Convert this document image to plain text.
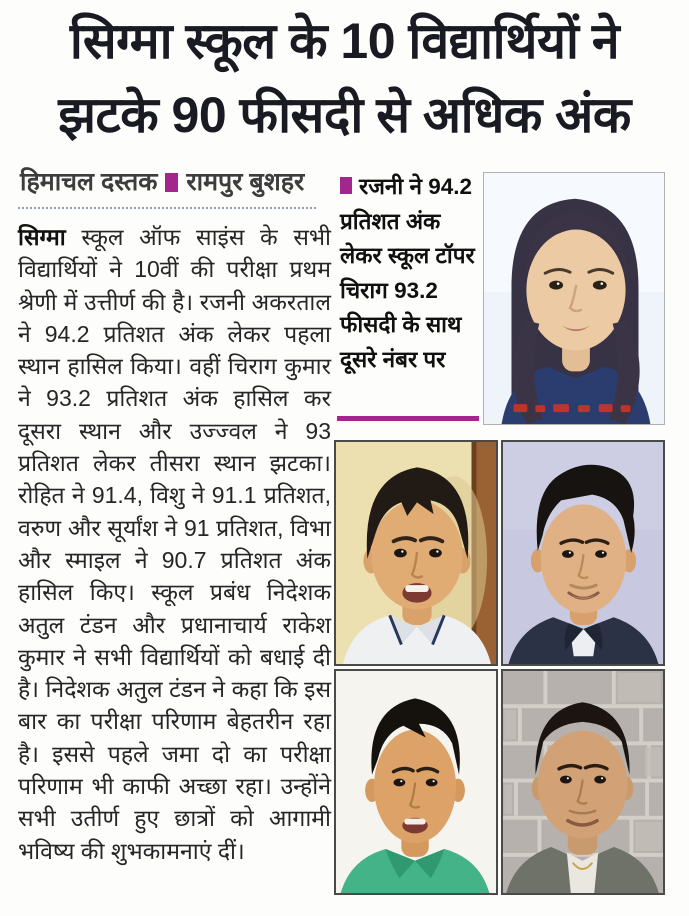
सिग्मा स्कूल के 10 विद्यार्थियों ने
झटके 90 फीसदी से अधिक अंक
हिमाचल दस्तक रामपुर बुशहर
सिग्मा स्कूल ऑफ साइंस के सभी विद्यार्थियों ने 10वीं की परीक्षा प्रथम श्रेणी में उत्तीर्ण की है। रजनी अकरताल ने 94.2 प्रतिशत अंक लेकर पहला स्थान हासिल किया। वहीं चिराग कुमार ने 93.2 प्रतिशत अंक हासिल कर दूसरा स्थान और उज्ज्वल ने 93 प्रतिशत लेकर तीसरा स्थान झटका। रोहित ने 91.4, विशु ने 91.1 प्रतिशत, वरुण और सूर्यांश ने 91 प्रतिशत, विभा और स्माइल ने 90.7 प्रतिशत अंक हासिल किए। स्कूल प्रबंध निदेशक अतुल टंडन और प्रधानाचार्य राकेश कुमार ने सभी विद्यार्थियों को बधाई दी है। निदेशक अतुल टंडन ने कहा कि इस बार का परीक्षा परिणाम बेहतरीन रहा है। इससे पहले जमा दो का परीक्षा परिणाम भी काफी अच्छा रहा। उन्होंने सभी उतीर्ण हुए छात्रों को आगामी भविष्य की शुभकामनाएं दीं।
रजनी ने 94.2 प्रतिशत अंक लेकर स्कूल टॉपर चिराग 93.2 फीसदी के साथ दूसरे नंबर पर
